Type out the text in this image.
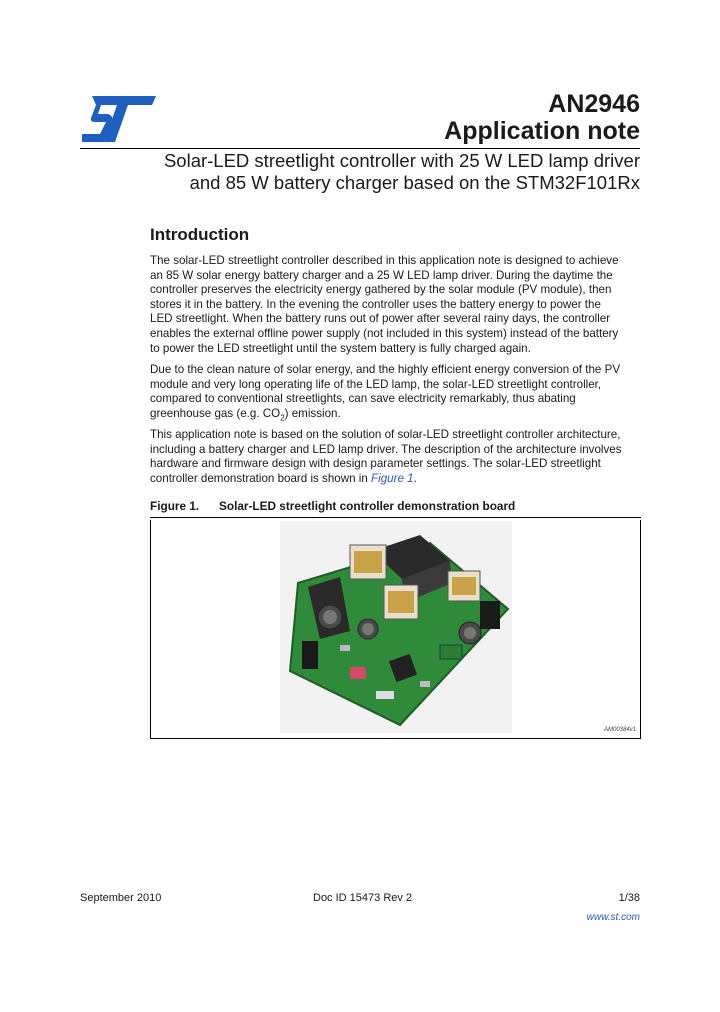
ST	AN2946
Application note
Solar-LED streetlight controller with 25 W LED lamp driver
and 85 W battery charger based on the STM32F101Rx
Introduction
The solar-LED streetlight controller described in this application note is designed to achieve
an 85 W solar energy battery charger and a 25 W LED lamp driver. During the daytime the
controller preserves the electricity energy gathered by the solar module (PV module), then
stores it in the battery. In the evening the controller uses the battery energy to power the
LED streetlight. When the battery runs out of power after several rainy days, the controller
enables the external offline power supply (not included in this system) instead of the battery
to power the LED streetlight until the system battery is fully charged again.
Due to the clean nature of solar energy, and the highly efficient energy conversion of the PV
module and very long operating life of the LED lamp, the solar-LED streetlight controller,
compared to conventional streetlights, can save electricity remarkably, thus abating
greenhouse gas (e.g. $CO_2$) emission.
This application note is based on the solution of solar-LED streetlight controller architecture,
including a battery charger and LED lamp driver. The description of the architecture involves
hardware and firmware design with design parameter settings. The solar-LED streetlight
controller demonstration board is shown in Figure 1.
Figure 1. Solar-LED streetlight controller demonstration board
AM00384v1
September 2010	Doc ID 15473 Rev 2	1/38
www.st.com
